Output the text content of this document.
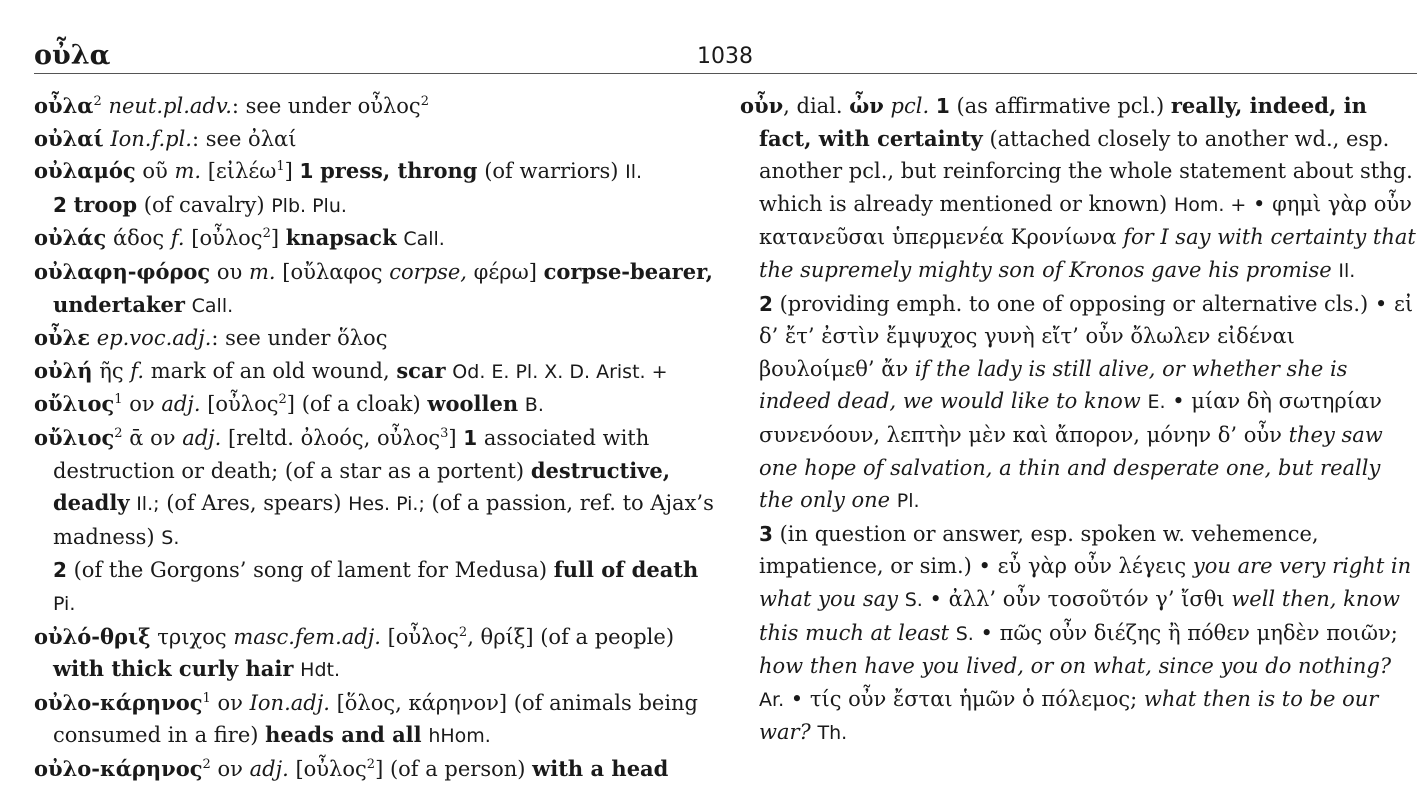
οὖλα	1038
οὖλα$^2$ neut.pl.adv.: see under οὖλος$^2$
οὐλαί Ion.f.pl.: see ὀλαί
οὐλαμός οῦ m. [εἰλέω$^1$] 1 press, throng (of warriors) Il.
2 troop (of cavalry) Plb. Plu.
οὐλάς άδος f. [οὖλος$^2$] knapsack Call.
οὐλαφη-φόρος ου m. [οὔλαφος corpse, φέρω] corpse-bearer, undertaker Call.
οὖλε ep.voc.adj.: see under ὅλος
οὐλή ῆς f. mark of an old wound, scar Od. E. Pl. X. D. Arist. +
οὔλιος$^1$ ον adj. [οὖλος$^2$] (of a cloak) woollen B.
οὔλιος$^2$ ᾱ ον adj. [reltd. ὀλοός, οὖλος$^3$] 1 associated with destruction or death; (of a star as a portent) destructive, deadly Il.; (of Ares, spears) Hes. Pi.; (of a passion, ref. to Ajax’s madness) S.
2 (of the Gorgons’ song of lament for Medusa) full of death Pi.
οὐλό-θριξ τριχος masc.fem.adj. [οὖλος$^2$, θρίξ] (of a people) with thick curly hair Hdt.
οὐλο-κάρηνος$^1$ ον Ion.adj. [ὅλος, κάρηνον] (of animals being consumed in a fire) heads and all hHom.
οὐλο-κάρηνος$^2$ ον adj. [οὖλος$^2$] (of a person) with a head
οὖν, dial. ὦν pcl. 1 (as affirmative pcl.) really, indeed, in fact, with certainty (attached closely to another wd., esp. another pcl., but reinforcing the whole statement about sthg. which is already mentioned or known) Hom. + • φημὶ γὰρ οὖν κατανεῦσαι ὑπερμενέα Κρονίωνα for I say with certainty that the supremely mighty son of Kronos gave his promise Il.
2 (providing emph. to one of opposing or alternative cls.) • εἰ δ’ ἔτ’ ἐστὶν ἔμψυχος γυνὴ εἴτ’ οὖν ὄλωλεν εἰδέναι βουλοίμεθ’ ἄν if the lady is still alive, or whether she is indeed dead, we would like to know E. • μίαν δὴ σωτηρίαν συνενόουν, λεπτὴν μὲν καὶ ἄπορον, μόνην δ’ οὖν they saw one hope of salvation, a thin and desperate one, but really the only one Pl.
3 (in question or answer, esp. spoken w. vehemence, impatience, or sim.) • εὖ γὰρ οὖν λέγεις you are very right in what you say S. • ἀλλ’ οὖν τοσοῦτόν γ’ ἴσθι well then, know this much at least S. • πῶς οὖν διέζης ἢ πόθεν μηδὲν ποιῶν; how then have you lived, or on what, since you do nothing? Ar. • τίς οὖν ἔσται ἡμῶν ὁ πόλεμος; what then is to be our war? Th.
